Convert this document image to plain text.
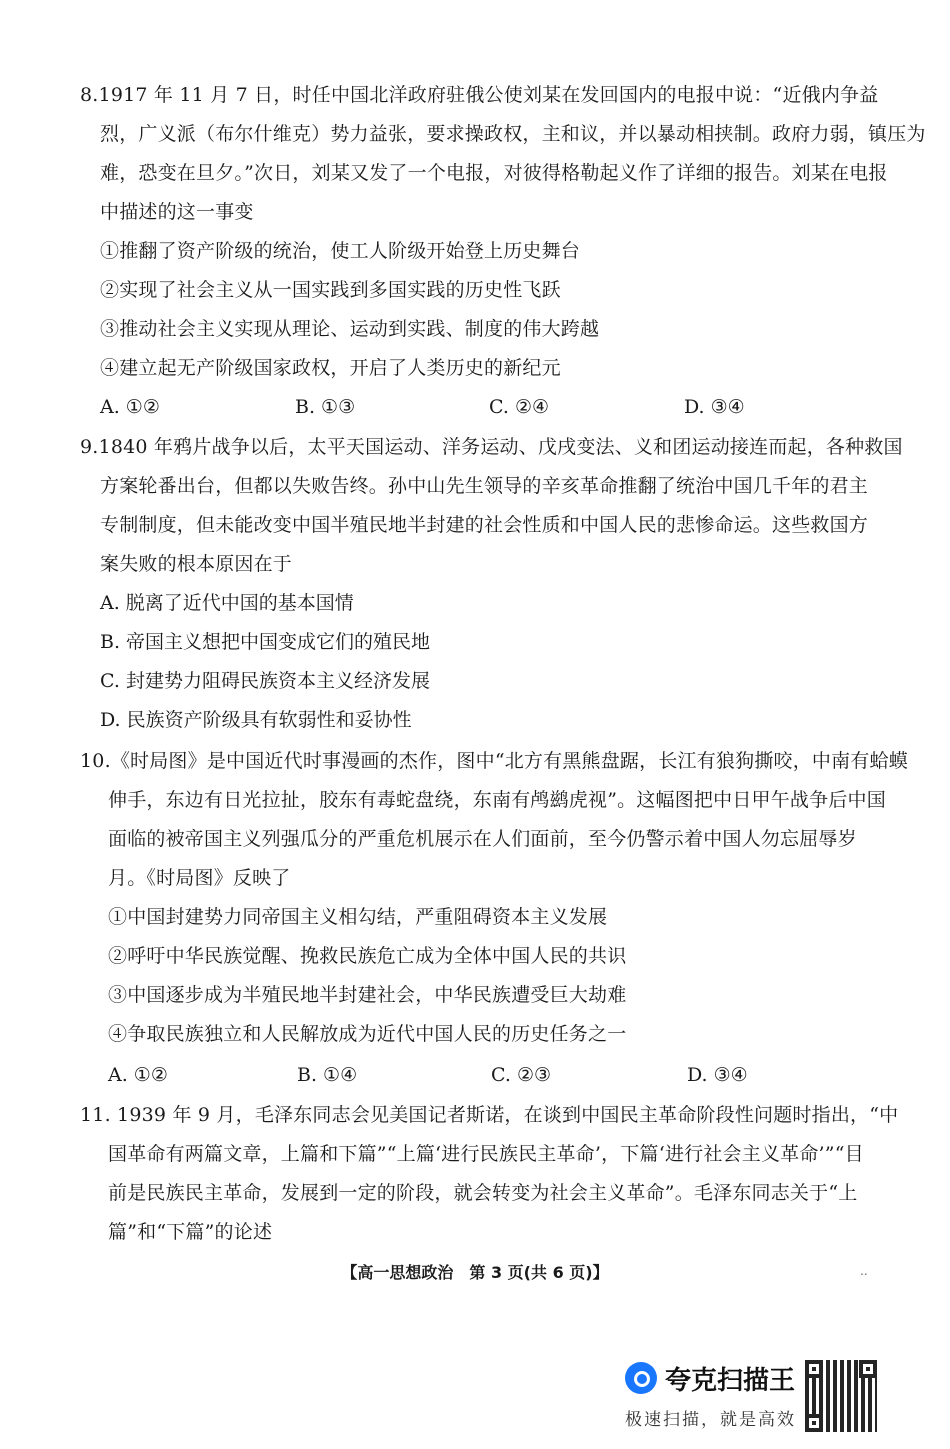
8.1917 年 11 月 7 日，时任中国北洋政府驻俄公使刘某在发回国内的电报中说：“近俄内争益
烈，广义派（布尔什维克）势力益张，要求操政权，主和议，并以暴动相挟制。政府力弱，镇压为
难，恐变在旦夕。”次日，刘某又发了一个电报，对彼得格勒起义作了详细的报告。刘某在电报
中描述的这一事变
①推翻了资产阶级的统治，使工人阶级开始登上历史舞台
②实现了社会主义从一国实践到多国实践的历史性飞跃
③推动社会主义实现从理论、运动到实践、制度的伟大跨越
④建立起无产阶级国家政权，开启了人类历史的新纪元
A. ①②	B. ①③	C. ②④	D. ③④
9.1840 年鸦片战争以后，太平天国运动、洋务运动、戊戌变法、义和团运动接连而起，各种救国
方案轮番出台，但都以失败告终。孙中山先生领导的辛亥革命推翻了统治中国几千年的君主
专制制度，但未能改变中国半殖民地半封建的社会性质和中国人民的悲惨命运。这些救国方
案失败的根本原因在于
A. 脱离了近代中国的基本国情
B. 帝国主义想把中国变成它们的殖民地
C. 封建势力阻碍民族资本主义经济发展
D. 民族资产阶级具有软弱性和妥协性
10.《时局图》是中国近代时事漫画的杰作，图中“北方有黑熊盘踞，长江有狼狗撕咬，中南有蛤蟆
伸手，东边有日光拉扯，胶东有毒蛇盘绕，东南有鸬鹚虎视”。这幅图把中日甲午战争后中国
面临的被帝国主义列强瓜分的严重危机展示在人们面前，至今仍警示着中国人勿忘屈辱岁
月。《时局图》反映了
①中国封建势力同帝国主义相勾结，严重阻碍资本主义发展
②呼吁中华民族觉醒、挽救民族危亡成为全体中国人民的共识
③中国逐步成为半殖民地半封建社会，中华民族遭受巨大劫难
④争取民族独立和人民解放成为近代中国人民的历史任务之一
A. ①②	B. ①④	C. ②③	D. ③④
11. 1939 年 9 月，毛泽东同志会见美国记者斯诺，在谈到中国民主革命阶段性问题时指出，“中
国革命有两篇文章，上篇和下篇”“上篇‘进行民族民主革命’，下篇‘进行社会主义革命’”“目
前是民族民主革命，发展到一定的阶段，就会转变为社会主义革命”。毛泽东同志关于“上
篇”和“下篇”的论述
【高一思想政治　第 3 页(共 6 页)】	..
夸克扫描王
极速扫描，就是高效
